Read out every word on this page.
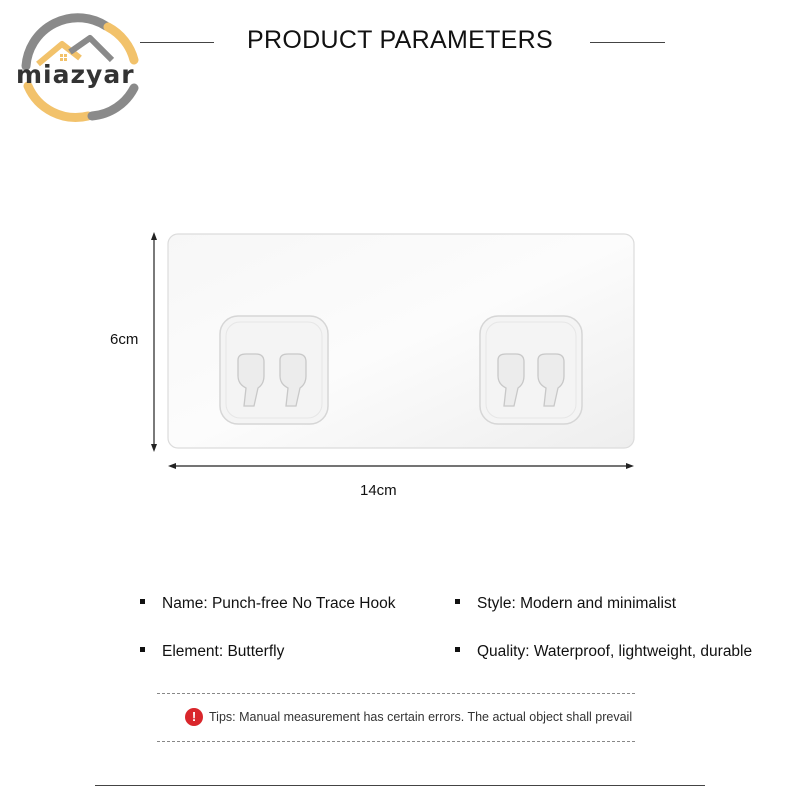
miazyar
PRODUCT PARAMETERS
6cm
14cm
Name: Punch-free No Trace Hook	Style: Modern and minimalist
Element: Butterfly	Quality: Waterproof, lightweight, durable
!	Tips: Manual measurement has certain errors. The actual object shall prevail
